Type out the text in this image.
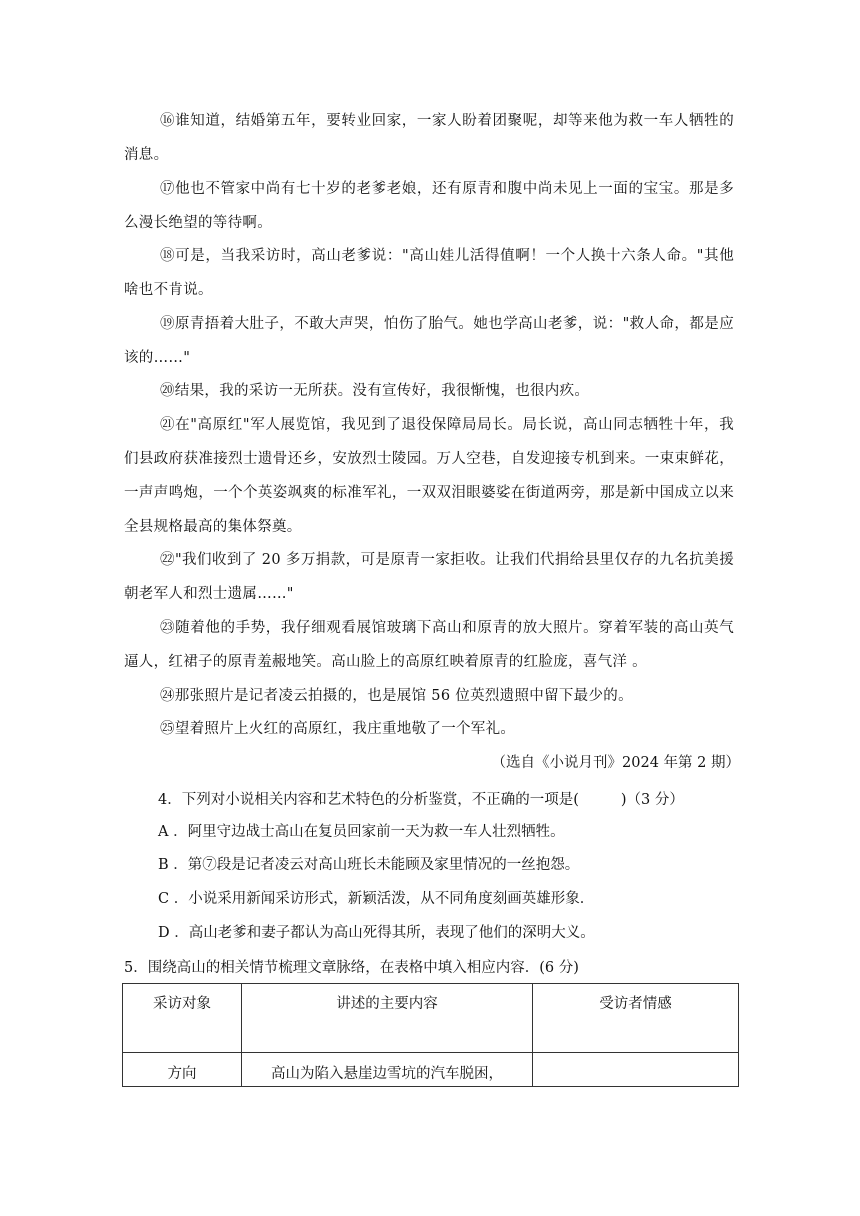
⑯谁知道，结婚第五年，要转业回家，一家人盼着团聚呢，却等来他为救一车人牺牲的消息。

⑰他也不管家中尚有七十岁的老爹老娘，还有原青和腹中尚未见上一面的宝宝。那是多么漫长绝望的等待啊。

⑱可是，当我采访时，高山老爹说："高山娃儿活得值啊！一个人换十六条人命。"其他啥也不肯说。

⑲原青捂着大肚子，不敢大声哭，怕伤了胎气。她也学高山老爹，说："救人命，都是应该的……"

⑳结果，我的采访一无所获。没有宣传好，我很惭愧，也很内疚。

㉑在"高原红"军人展览馆，我见到了退役保障局局长。局长说，高山同志牺牲十年，我们县政府获准接烈士遗骨还乡，安放烈士陵园。万人空巷，自发迎接专机到来。一束束鲜花，一声声鸣炮，一个个英姿飒爽的标准军礼，一双双泪眼婆娑在街道两旁，那是新中国成立以来全县规格最高的集体祭奠。

㉒"我们收到了 20 多万捐款，可是原青一家拒收。让我们代捐给县里仅存的九名抗美援朝老军人和烈士遗属……"

㉓随着他的手势，我仔细观看展馆玻璃下高山和原青的放大照片。穿着军装的高山英气逼人，红裙子的原青羞赧地笑。高山脸上的高原红映着原青的红脸庞，喜气洋 。

㉔那张照片是记者凌云拍摄的，也是展馆 56 位英烈遗照中留下最少的。

㉕望着照片上火红的高原红，我庄重地敬了一个军礼。

（选自《小说月刊》2024 年第 2 期）

4．下列对小说相关内容和艺术特色的分析鉴赏，不正确的一项是(	)（3 分）

A ．阿里守边战士高山在复员回家前一天为救一车人壮烈牺牲。

B ．第⑦段是记者凌云对高山班长未能顾及家里情况的一丝抱怨。

C ．小说采用新闻采访形式，新颖活泼，从不同角度刻画英雄形象．

D ．高山老爹和妻子都认为高山死得其所，表现了他们的深明大义。

5．围绕高山的相关情节梳理文章脉络，在表格中填入相应内容．(6 分)

采访对象	讲述的主要内容	受访者情感
方向	高山为陷入悬崖边雪坑的汽车脱困，	
